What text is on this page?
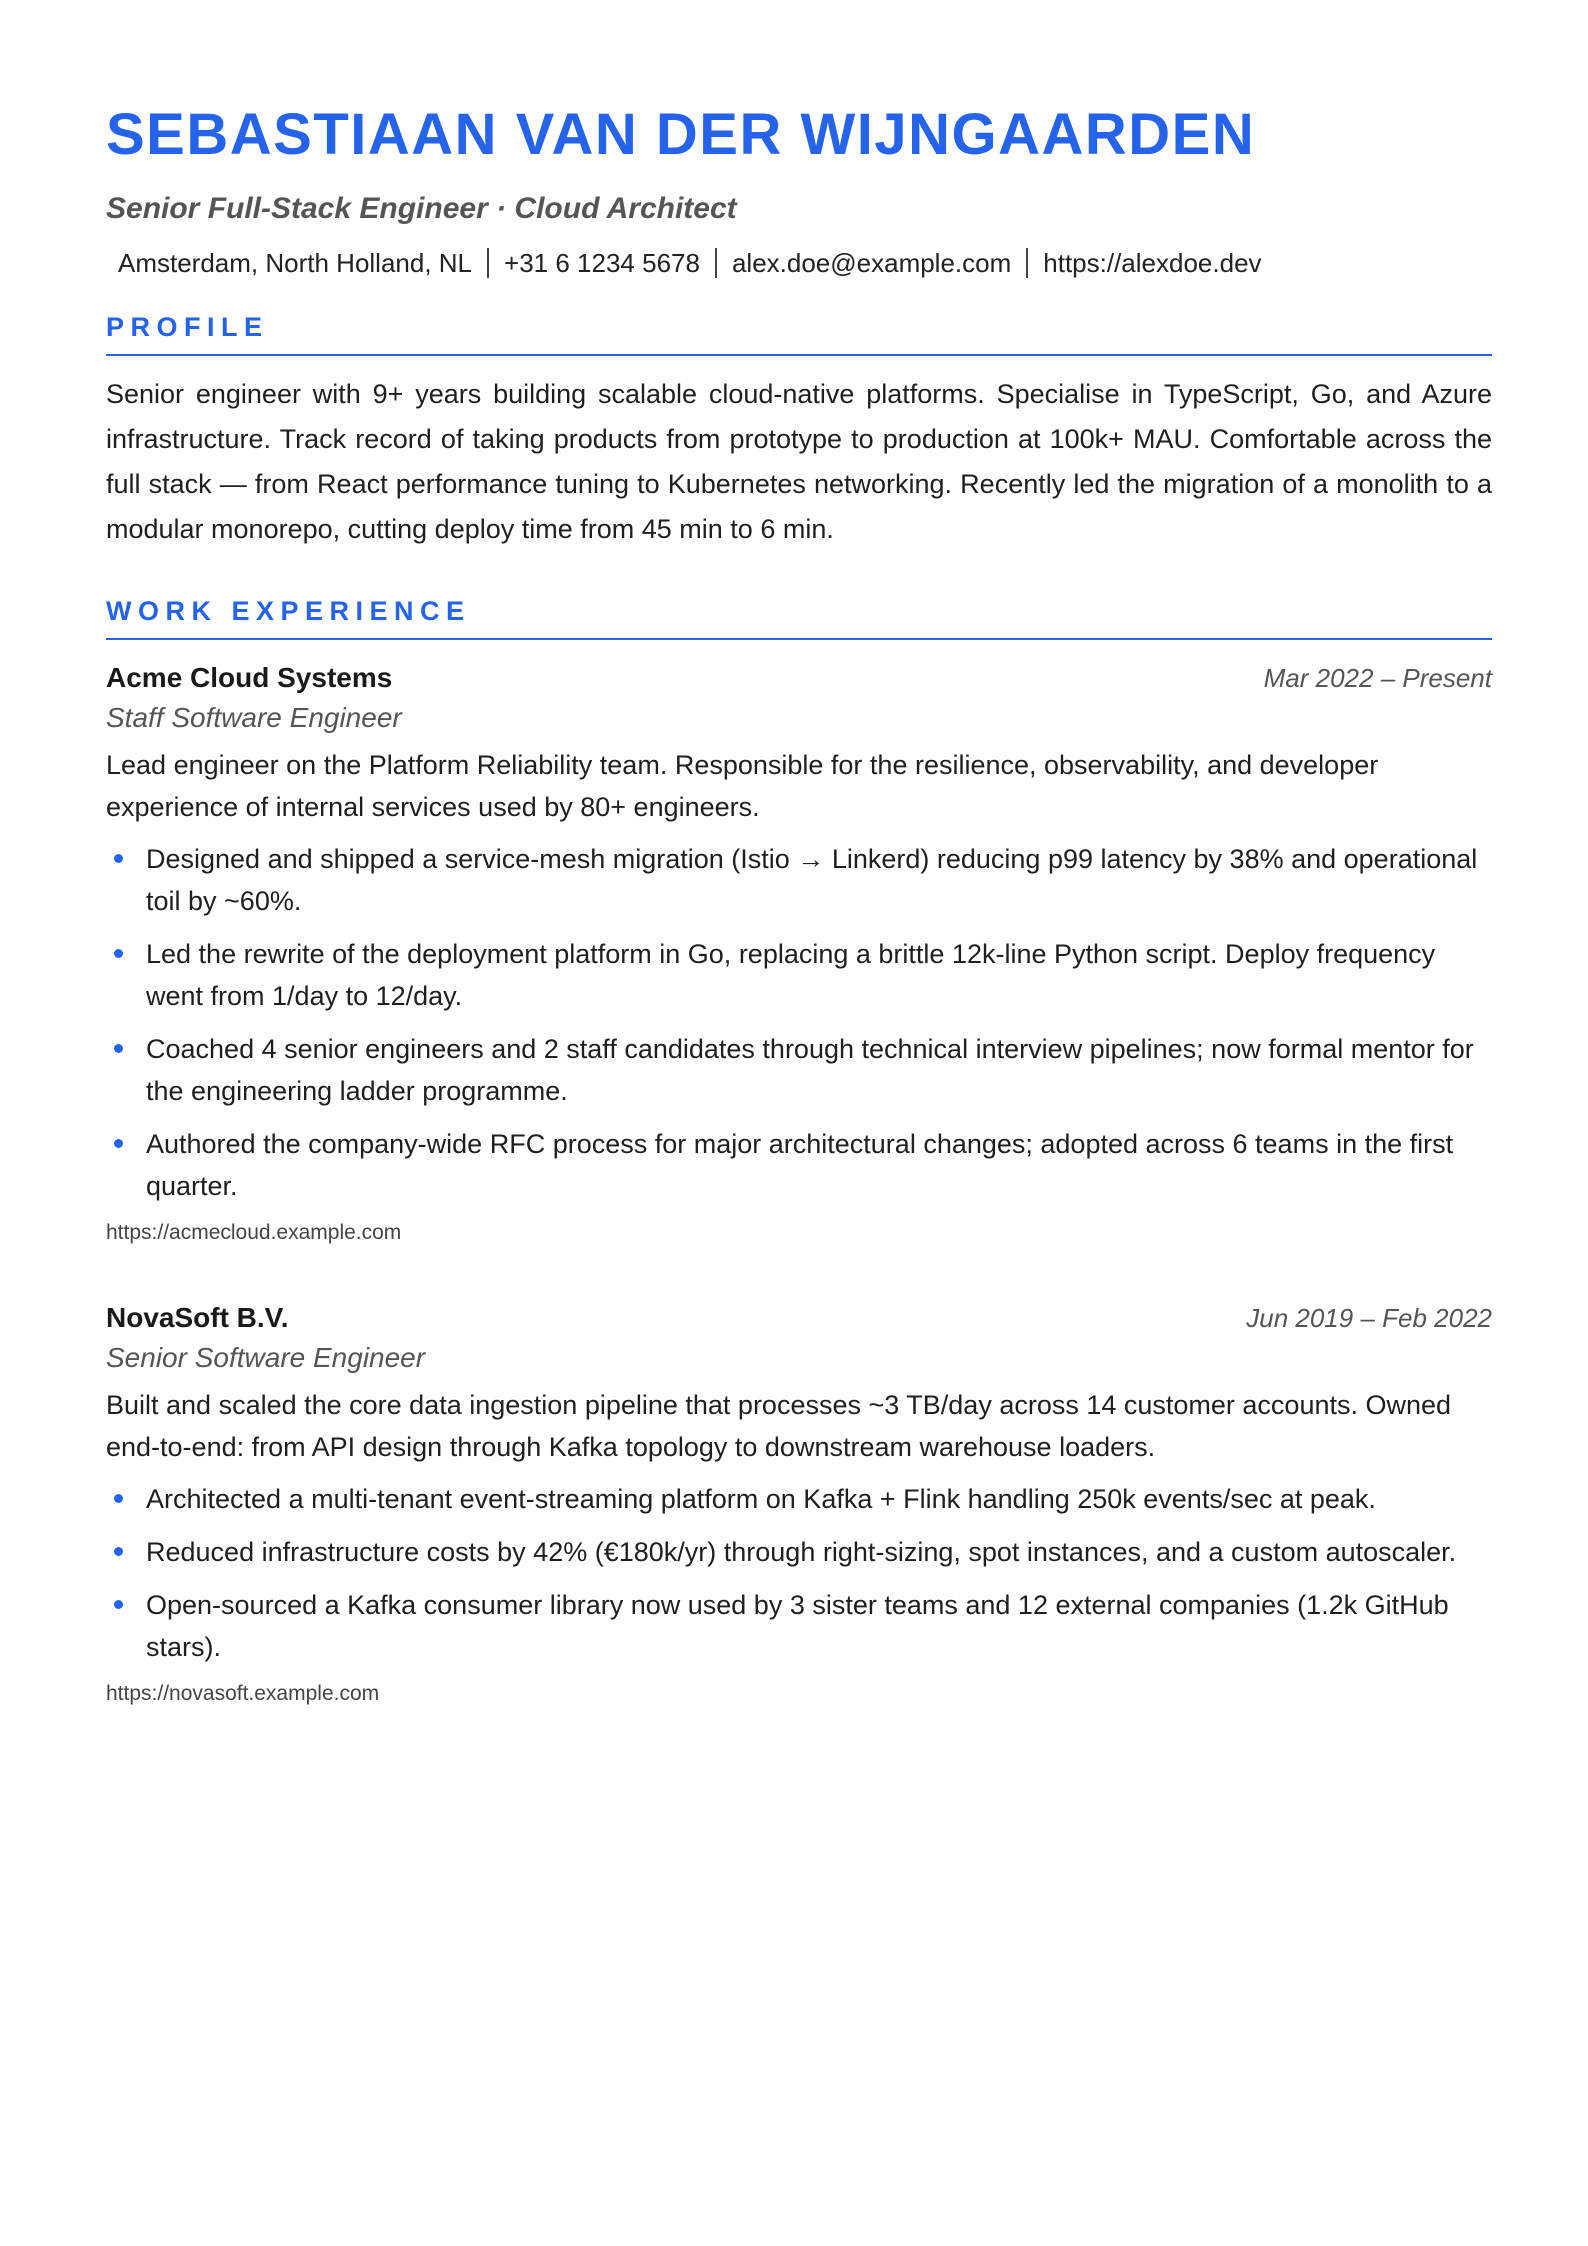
SEBASTIAAN VAN DER WIJNGAARDEN
Senior Full-Stack Engineer · Cloud Architect
Amsterdam, North Holland, NL +31 6 1234 5678 alex.doe@example.com https://alexdoe.dev
PROFILE
Senior engineer with 9+ years building scalable cloud-native platforms. Specialise in TypeScript, Go, and Azure infrastructure. Track record of taking products from prototype to production at 100k+ MAU. Comfortable across the full stack — from React performance tuning to Kubernetes networking. Recently led the migration of a monolith to a modular monorepo, cutting deploy time from 45 min to 6 min.
WORK EXPERIENCE
Acme Cloud Systems	Mar 2022 – Present
Staff Software Engineer
Lead engineer on the Platform Reliability team. Responsible for the resilience, observability, and developer experience of internal services used by 80+ engineers.
Designed and shipped a service-mesh migration (Istio → Linkerd) reducing p99 latency by 38% and operational toil by ~60%.
Led the rewrite of the deployment platform in Go, replacing a brittle 12k-line Python script. Deploy frequency went from 1/day to 12/day.
Coached 4 senior engineers and 2 staff candidates through technical interview pipelines; now formal mentor for the engineering ladder programme.
Authored the company-wide RFC process for major architectural changes; adopted across 6 teams in the first quarter.
https://acmecloud.example.com
NovaSoft B.V.	Jun 2019 – Feb 2022
Senior Software Engineer
Built and scaled the core data ingestion pipeline that processes ~3 TB/day across 14 customer accounts. Owned end-to-end: from API design through Kafka topology to downstream warehouse loaders.
Architected a multi-tenant event-streaming platform on Kafka + Flink handling 250k events/sec at peak.
Reduced infrastructure costs by 42% (€180k/yr) through right-sizing, spot instances, and a custom autoscaler.
Open-sourced a Kafka consumer library now used by 3 sister teams and 12 external companies (1.2k GitHub stars).
https://novasoft.example.com
